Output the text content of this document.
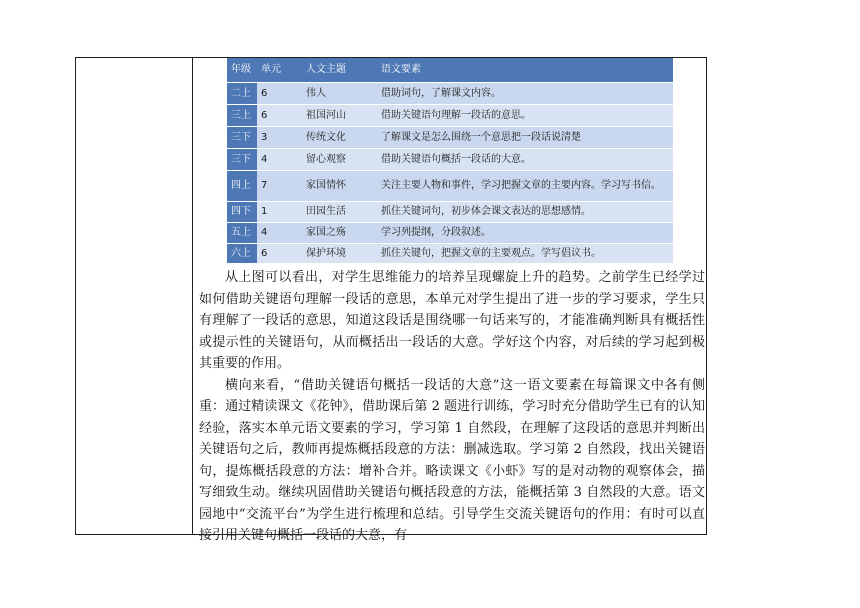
年级	单元	人文主题	语文要素
二上	6	伟人	借助词句，了解课文内容。
三上	6	祖国河山	借助关键语句理解一段话的意思。
三下	3	传统文化	了解课文是怎么围绕一个意思把一段话说清楚
三下	4	留心观察	借助关键语句概括一段话的大意。
四上	7	家国情怀	关注主要人物和事件，学习把握文章的主要内容。学习写书信。
四下	1	田园生活	抓住关键词句，初步体会课文表达的思想感情。
五上	4	家国之殇	学习列提纲，分段叙述。
六上	6	保护环境	抓住关键句，把握文章的主要观点。学写倡议书。

从上图可以看出，对学生思维能力的培养呈现螺旋上升的趋势。之前学生已经学过如何借助关键语句理解一段话的意思，本单元对学生提出了进一步的学习要求，学生只有理解了一段话的意思，知道这段话是围绕哪一句话来写的，才能准确判断具有概括性或提示性的关键语句，从而概括出一段话的大意。学好这个内容，对后续的学习起到极其重要的作用。

横向来看，“借助关键语句概括一段话的大意”这一语文要素在每篇课文中各有侧重：通过精读课文《花钟》，借助课后第 2 题进行训练，学习时充分借助学生已有的认知经验，落实本单元语文要素的学习，学习第 1 自然段，在理解了这段话的意思并判断出关键语句之后，教师再提炼概括段意的方法：删减选取。学习第 2 自然段，找出关键语句，提炼概括段意的方法：增补合并。略读课文《小虾》写的是对动物的观察体会，描写细致生动。继续巩固借助关键语句概括段意的方法，能概括第 3 自然段的大意。语文园地中“交流平台”为学生进行梳理和总结。引导学生交流关键语句的作用：有时可以直接引用关键句概括一段话的大意，有
